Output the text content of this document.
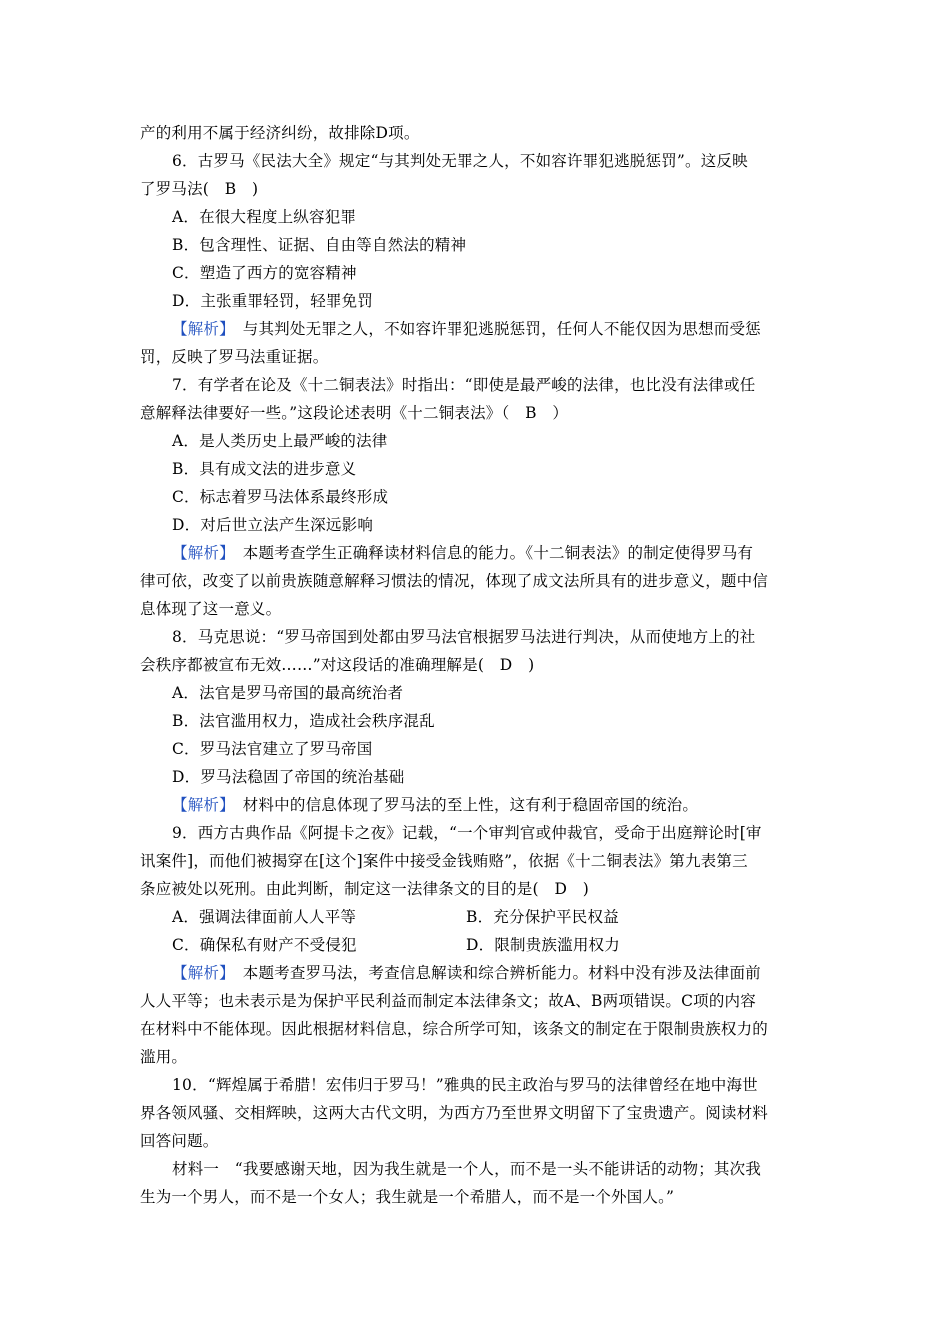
产的利用不属于经济纠纷，故排除D项。
6．古罗马《民法大全》规定“与其判处无罪之人，不如容许罪犯逃脱惩罚”。这反映
了罗马法(　B　)
A．在很大程度上纵容犯罪
B．包含理性、证据、自由等自然法的精神
C．塑造了西方的宽容精神
D．主张重罪轻罚，轻罪免罚
【解析】　 与其判处无罪之人，不如容许罪犯逃脱惩罚，任何人不能仅因为思想而受惩
罚，反映了罗马法重证据。
7．有学者在论及《十二铜表法》时指出：“即使是最严峻的法律，也比没有法律或任
意解释法律要好一些。”这段论述表明《十二铜表法》（　B　）
A．是人类历史上最严峻的法律
B．具有成文法的进步意义
C．标志着罗马法体系最终形成
D．对后世立法产生深远影响
【解析】　 本题考查学生正确释读材料信息的能力。《十二铜表法》的制定使得罗马有
律可依，改变了以前贵族随意解释习惯法的情况，体现了成文法所具有的进步意义，题中信
息体现了这一意义。
8．马克思说：“罗马帝国到处都由罗马法官根据罗马法进行判决，从而使地方上的社
会秩序都被宣布无效……”对这段话的准确理解是(　D　)
A．法官是罗马帝国的最高统治者
B．法官滥用权力，造成社会秩序混乱
C．罗马法官建立了罗马帝国
D．罗马法稳固了帝国的统治基础
【解析】　 材料中的信息体现了罗马法的至上性，这有利于稳固帝国的统治。
9．西方古典作品《阿提卡之夜》记载，“一个审判官或仲裁官，受命于出庭辩论时[审
讯案件]，而他们被揭穿在[这个]案件中接受金钱贿赂”，依据《十二铜表法》第九表第三
条应被处以死刑。由此判断，制定这一法律条文的目的是(　D　)
A．强调法律面前人人平等	B．充分保护平民权益
C．确保私有财产不受侵犯	D．限制贵族滥用权力
【解析】　 本题考查罗马法，考查信息解读和综合辨析能力。材料中没有涉及法律面前
人人平等；也未表示是为保护平民利益而制定本法律条文；故A、B两项错误。C项的内容
在材料中不能体现。因此根据材料信息，综合所学可知，该条文的制定在于限制贵族权力的
滥用。
10．“辉煌属于希腊！宏伟归于罗马！”雅典的民主政治与罗马的法律曾经在地中海世
界各领风骚、交相辉映，这两大古代文明，为西方乃至世界文明留下了宝贵遗产。阅读材料
回答问题。
材料一　“我要感谢天地，因为我生就是一个人，而不是一头不能讲话的动物；其次我
生为一个男人，而不是一个女人；我生就是一个希腊人，而不是一个外国人。”
